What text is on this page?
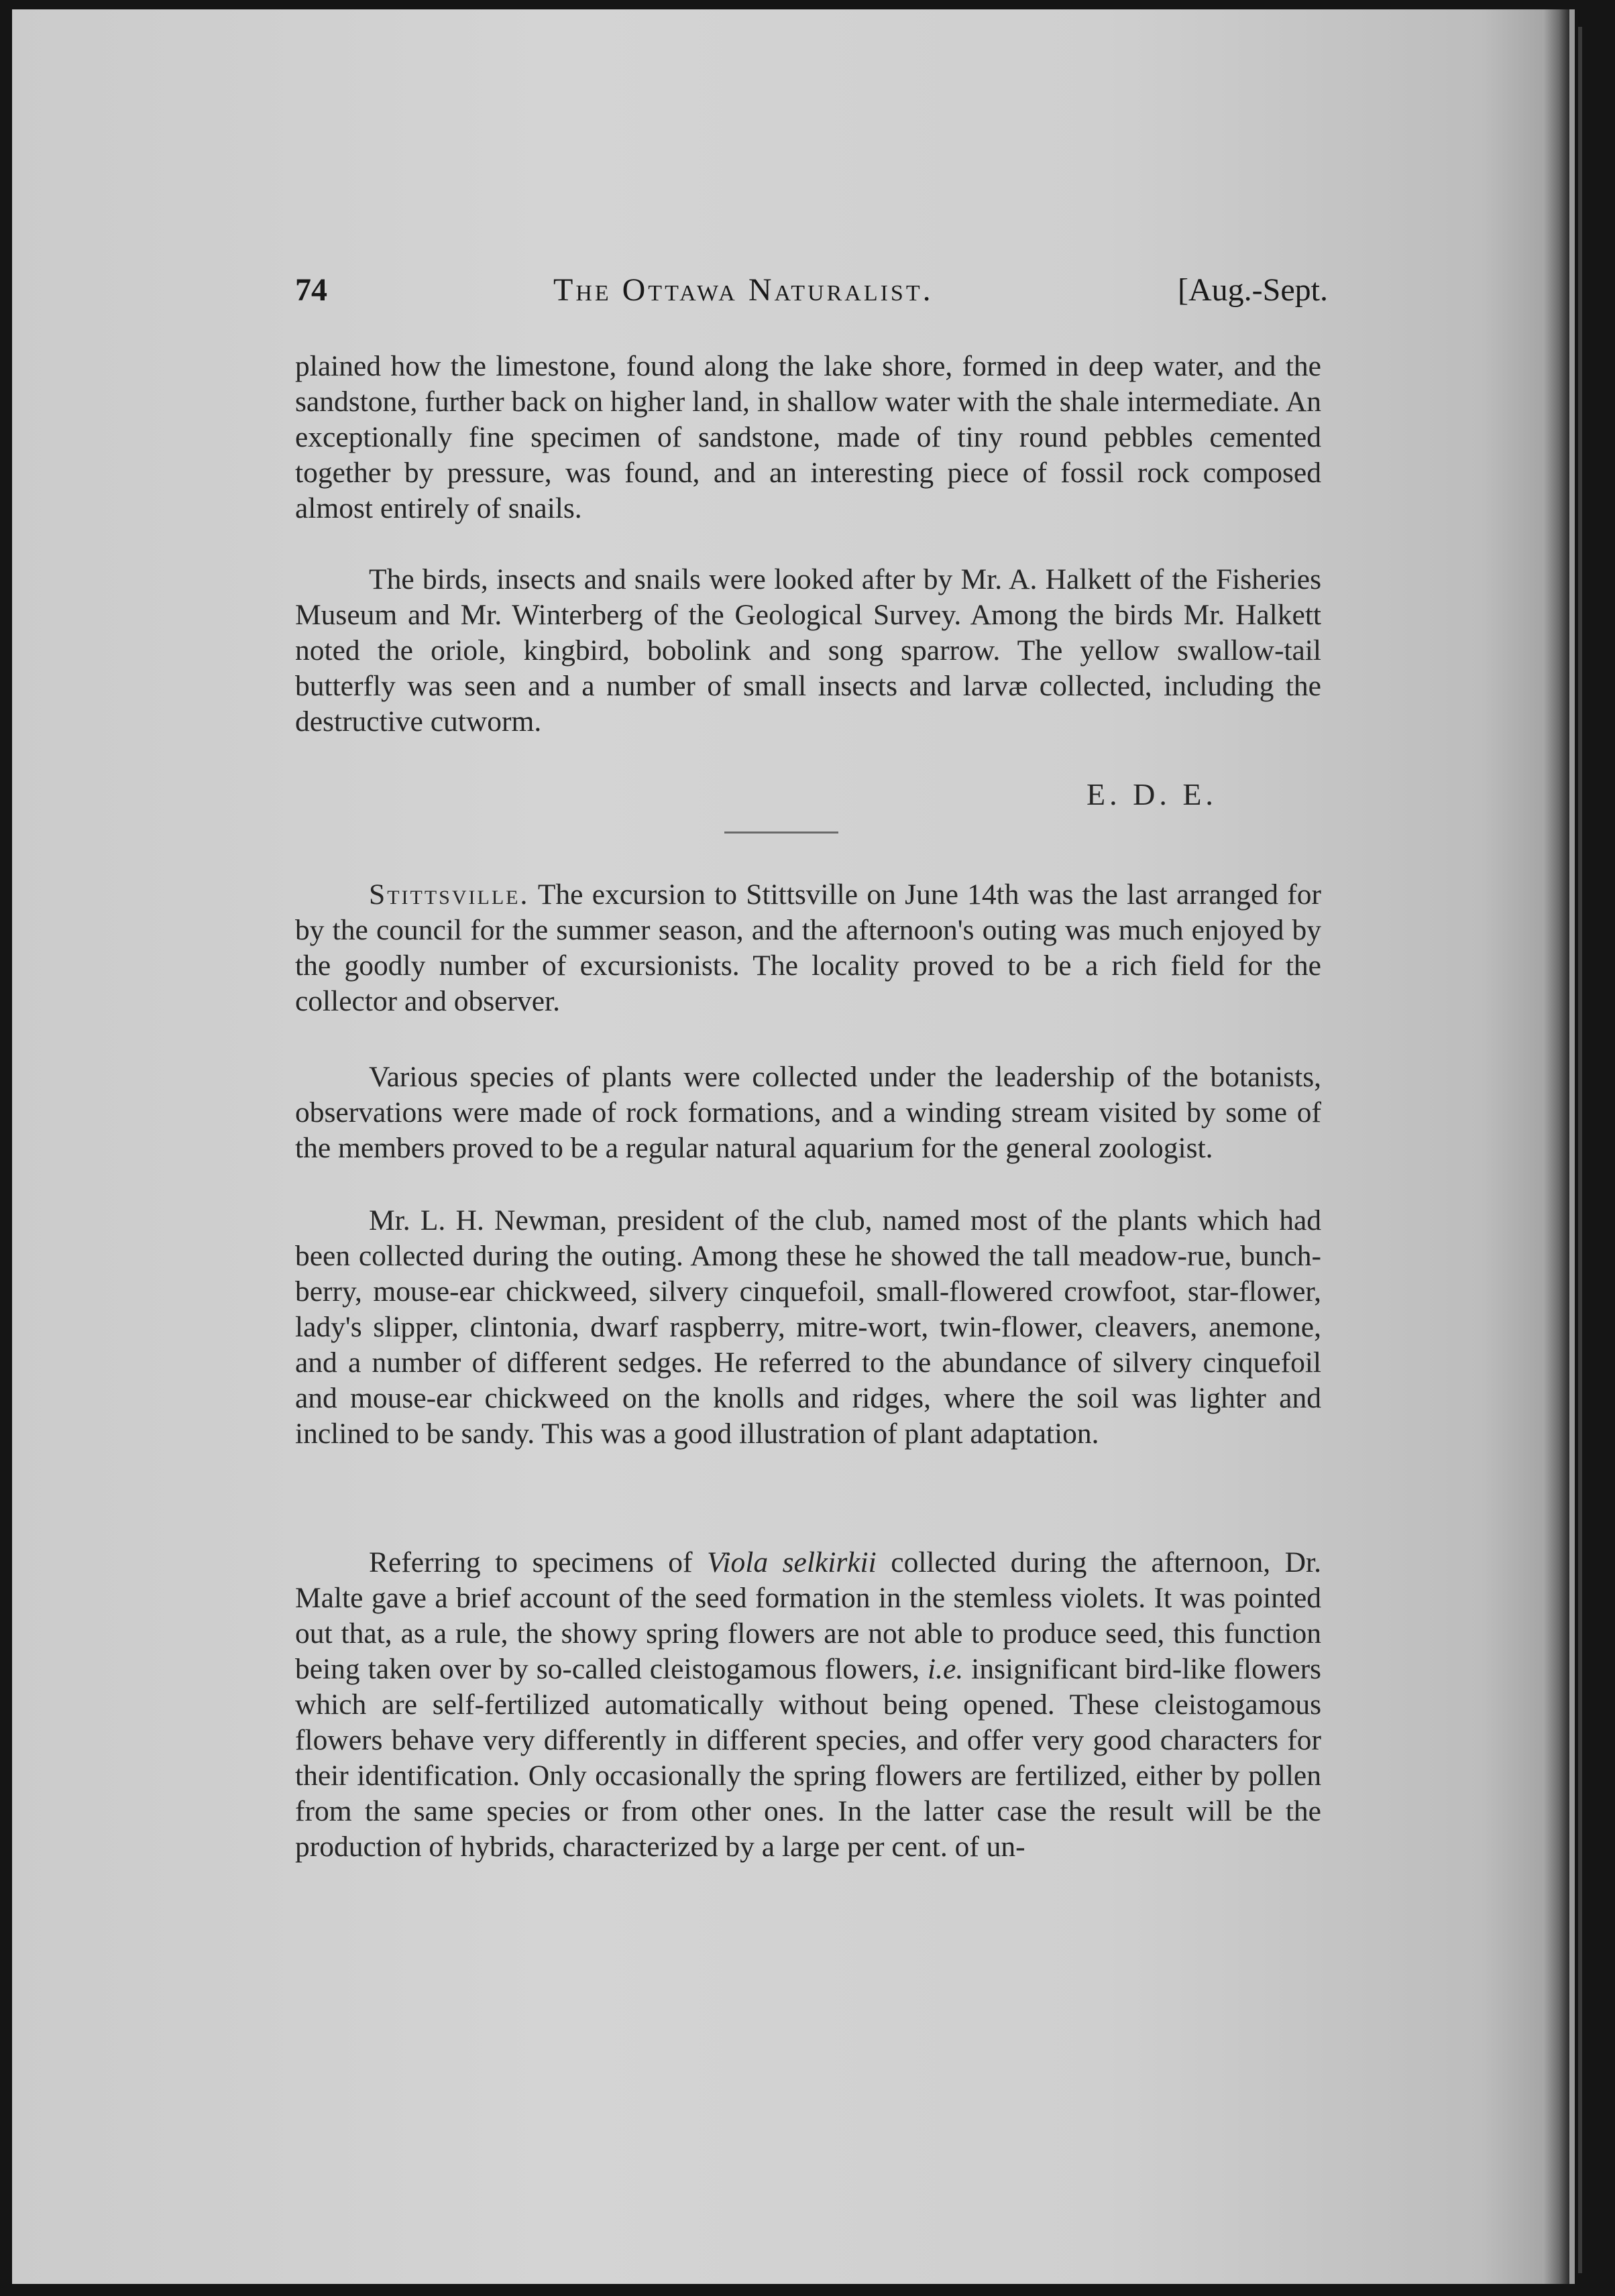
74	The Ottawa Naturalist.	[Aug.-Sept.

plained how the limestone, found along the lake shore, formed in deep water, and the sandstone, further back on higher land, in shallow water with the shale intermediate. An exceptionally fine specimen of sandstone, made of tiny round pebbles cemented together by pressure, was found, and an interesting piece of fossil rock composed almost entirely of snails.

The birds, insects and snails were looked after by Mr. A. Halkett of the Fisheries Museum and Mr. Winterberg of the Geological Survey. Among the birds Mr. Halkett noted the oriole, kingbird, bobolink and song sparrow. The yellow swallow-tail butterfly was seen and a number of small insects and larvæ collected, including the destructive cutworm.

E. D. E.

Stittsville. The excursion to Stittsville on June 14th was the last arranged for by the council for the summer season, and the afternoon's outing was much enjoyed by the goodly number of excursionists. The locality proved to be a rich field for the collector and observer.

Various species of plants were collected under the leadership of the botanists, observations were made of rock formations, and a winding stream visited by some of the members proved to be a regular natural aquarium for the general zoologist.

Mr. L. H. Newman, president of the club, named most of the plants which had been collected during the outing. Among these he showed the tall meadow-rue, bunch-berry, mouse-ear chickweed, silvery cinquefoil, small-flowered crowfoot, star-flower, lady's slipper, clintonia, dwarf raspberry, mitre-wort, twin-flower, cleavers, anemone, and a number of different sedges. He referred to the abundance of silvery cinquefoil and mouse-ear chickweed on the knolls and ridges, where the soil was lighter and inclined to be sandy. This was a good illustration of plant adaptation.

Referring to specimens of Viola selkirkii collected during the afternoon, Dr. Malte gave a brief account of the seed formation in the stemless violets. It was pointed out that, as a rule, the showy spring flowers are not able to produce seed, this function being taken over by so-called cleistogamous flowers, i.e. insignificant bird-like flowers which are self-fertilized automatically without being opened. These cleistogamous flowers behave very differently in different species, and offer very good characters for their identification. Only occasionally the spring flowers are fertilized, either by pollen from the same species or from other ones. In the latter case the result will be the production of hybrids, characterized by a large per cent. of un-
